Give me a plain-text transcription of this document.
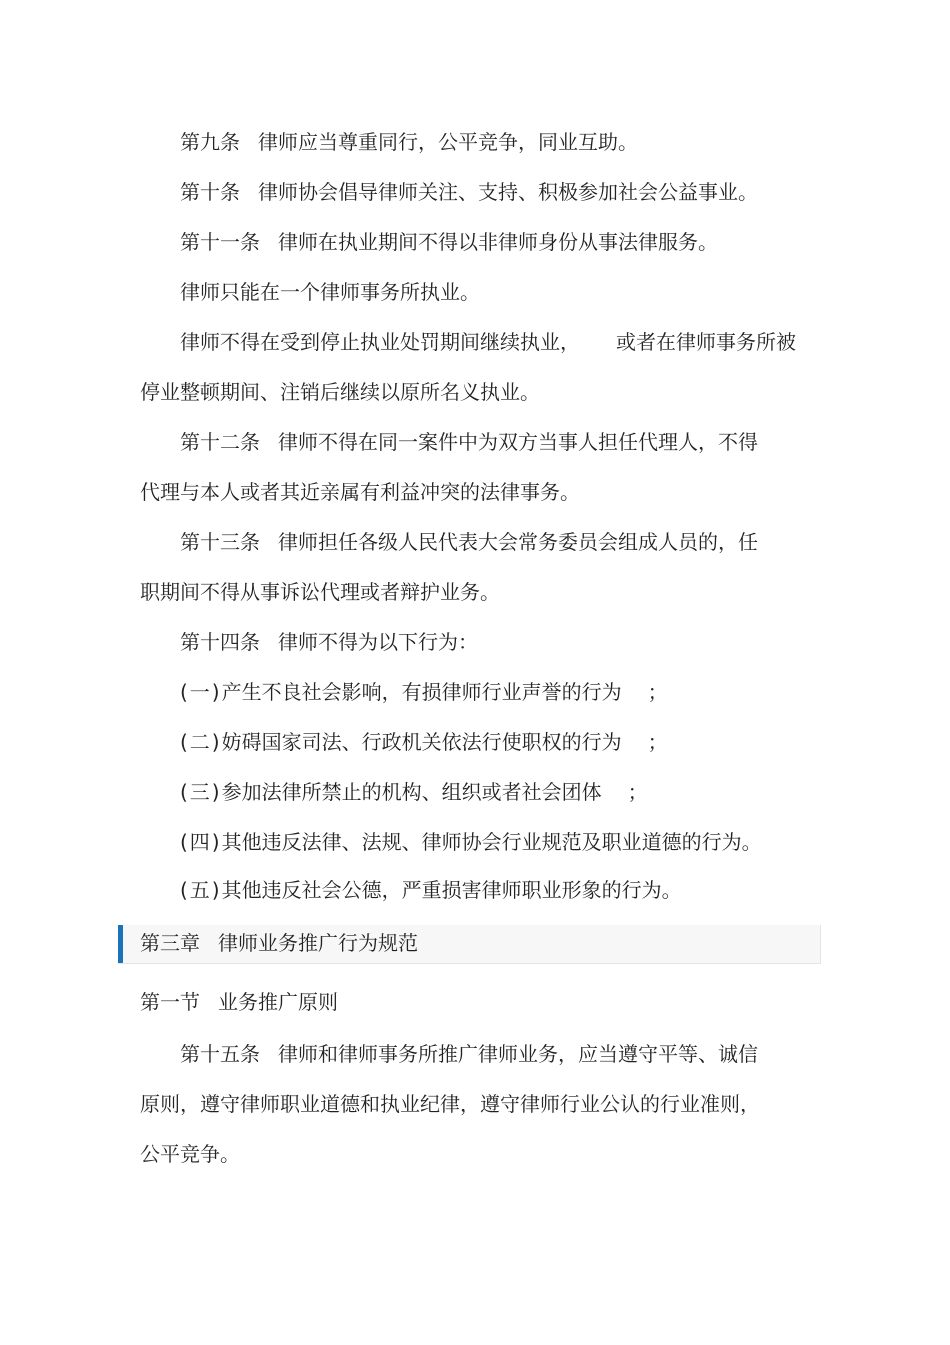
第九条 律师应当尊重同行，公平竞争，同业互助。
第十条 律师协会倡导律师关注、支持、积极参加社会公益事业。
第十一条 律师在执业期间不得以非律师身份从事法律服务。
律师只能在一个律师事务所执业。
律师不得在受到停止执业处罚期间继续执业， 或者在律师事务所被
停业整顿期间、注销后继续以原所名义执业。
第十二条 律师不得在同一案件中为双方当事人担任代理人，不得
代理与本人或者其近亲属有利益冲突的法律事务。
第十三条 律师担任各级人民代表大会常务委员会组成人员的，任
职期间不得从事诉讼代理或者辩护业务。
第十四条 律师不得为以下行为：
(一)产生不良社会影响，有损律师行业声誉的行为 ；
(二)妨碍国家司法、行政机关依法行使职权的行为 ；
(三)参加法律所禁止的机构、组织或者社会团体 ；
(四)其他违反法律、法规、律师协会行业规范及职业道德的行为。
(五)其他违反社会公德，严重损害律师职业形象的行为。
第三章 律师业务推广行为规范
第一节 业务推广原则
第十五条 律师和律师事务所推广律师业务，应当遵守平等、诚信
原则，遵守律师职业道德和执业纪律，遵守律师行业公认的行业准则，
公平竞争。
